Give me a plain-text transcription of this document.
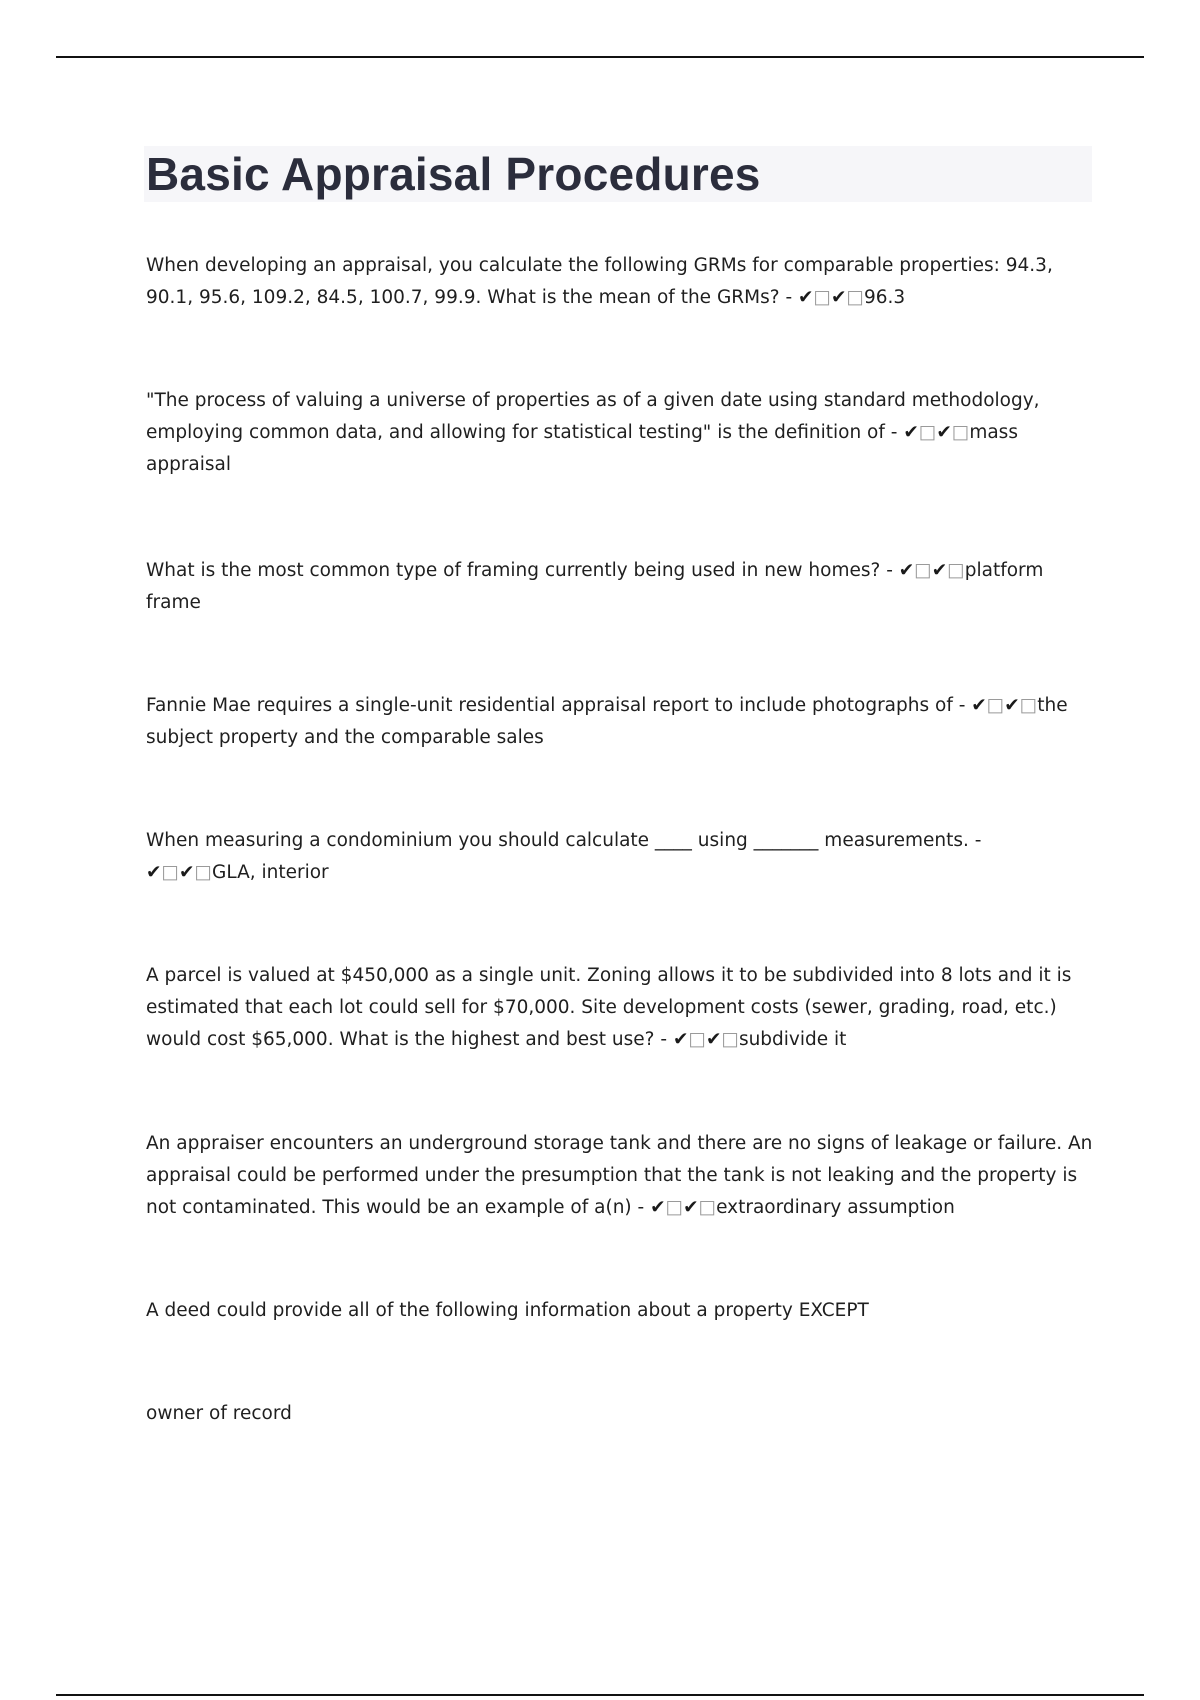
Basic Appraisal Procedures

When developing an appraisal, you calculate the following GRMs for comparable properties: 94.3, 90.1, 95.6, 109.2, 84.5, 100.7, 99.9. What is the mean of the GRMs? - ✔□✔□96.3

"The process of valuing a universe of properties as of a given date using standard methodology, employing common data, and allowing for statistical testing" is the definition of - ✔□✔□mass appraisal

What is the most common type of framing currently being used in new homes? - ✔□✔□platform frame

Fannie Mae requires a single-unit residential appraisal report to include photographs of - ✔□✔□the subject property and the comparable sales

When measuring a condominium you should calculate ____ using _______ measurements. - ✔□✔□GLA, interior

A parcel is valued at $450,000 as a single unit. Zoning allows it to be subdivided into 8 lots and it is estimated that each lot could sell for $70,000. Site development costs (sewer, grading, road, etc.) would cost $65,000. What is the highest and best use? - ✔□✔□subdivide it

An appraiser encounters an underground storage tank and there are no signs of leakage or failure. An appraisal could be performed under the presumption that the tank is not leaking and the property is not contaminated. This would be an example of a(n) - ✔□✔□extraordinary assumption

A deed could provide all of the following information about a property EXCEPT

owner of record
